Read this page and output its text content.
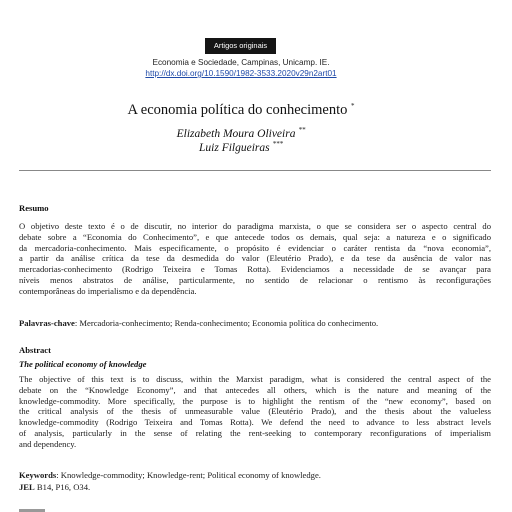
Artigos originais
Economia e Sociedade, Campinas, Unicamp. IE.
http://dx.doi.org/10.1590/1982-3533.2020v29n2art01
A economia política do conhecimento *
Elizabeth Moura Oliveira **
Luiz Filgueiras ***
Resumo
O objetivo deste texto é o de discutir, no interior do paradigma marxista, o que se considera ser o aspecto central do
debate sobre a “Economia do Conhecimento”, e que antecede todos os demais, qual seja: a natureza e o significado
da mercadoria-conhecimento. Mais especificamente, o propósito é evidenciar o caráter rentista da “nova economia”,
a partir da análise crítica da tese da desmedida do valor (Eleutério Prado), e da tese da ausência de valor nas
mercadorias-conhecimento (Rodrigo Teixeira e Tomas Rotta). Evidenciamos a necessidade de se avançar para
níveis menos abstratos de análise, particularmente, no sentido de relacionar o rentismo às reconfigurações
contemporâneas do imperialismo e da dependência.
Palavras-chave: Mercadoria-conhecimento; Renda-conhecimento; Economia política do conhecimento.
Abstract
The political economy of knowledge
The objective of this text is to discuss, within the Marxist paradigm, what is considered the central aspect of the
debate on the “Knowledge Economy”, and that antecedes all others, which is the nature and meaning of the
knowledge-commodity. More specifically, the purpose is to highlight the rentism of the “new economy”, based on
the critical analysis of the thesis of unmeasurable value (Eleutério Prado), and the thesis about the valueless
knowledge-commodity (Rodrigo Teixeira and Tomas Rotta). We defend the need to advance to less abstract levels
of analysis, particularly in the sense of relating the rent-seeking to contemporary reconfigurations of imperialism
and dependency.
Keywords: Knowledge-commodity; Knowledge-rent; Political economy of knowledge.
JEL B14, P16, O34.
